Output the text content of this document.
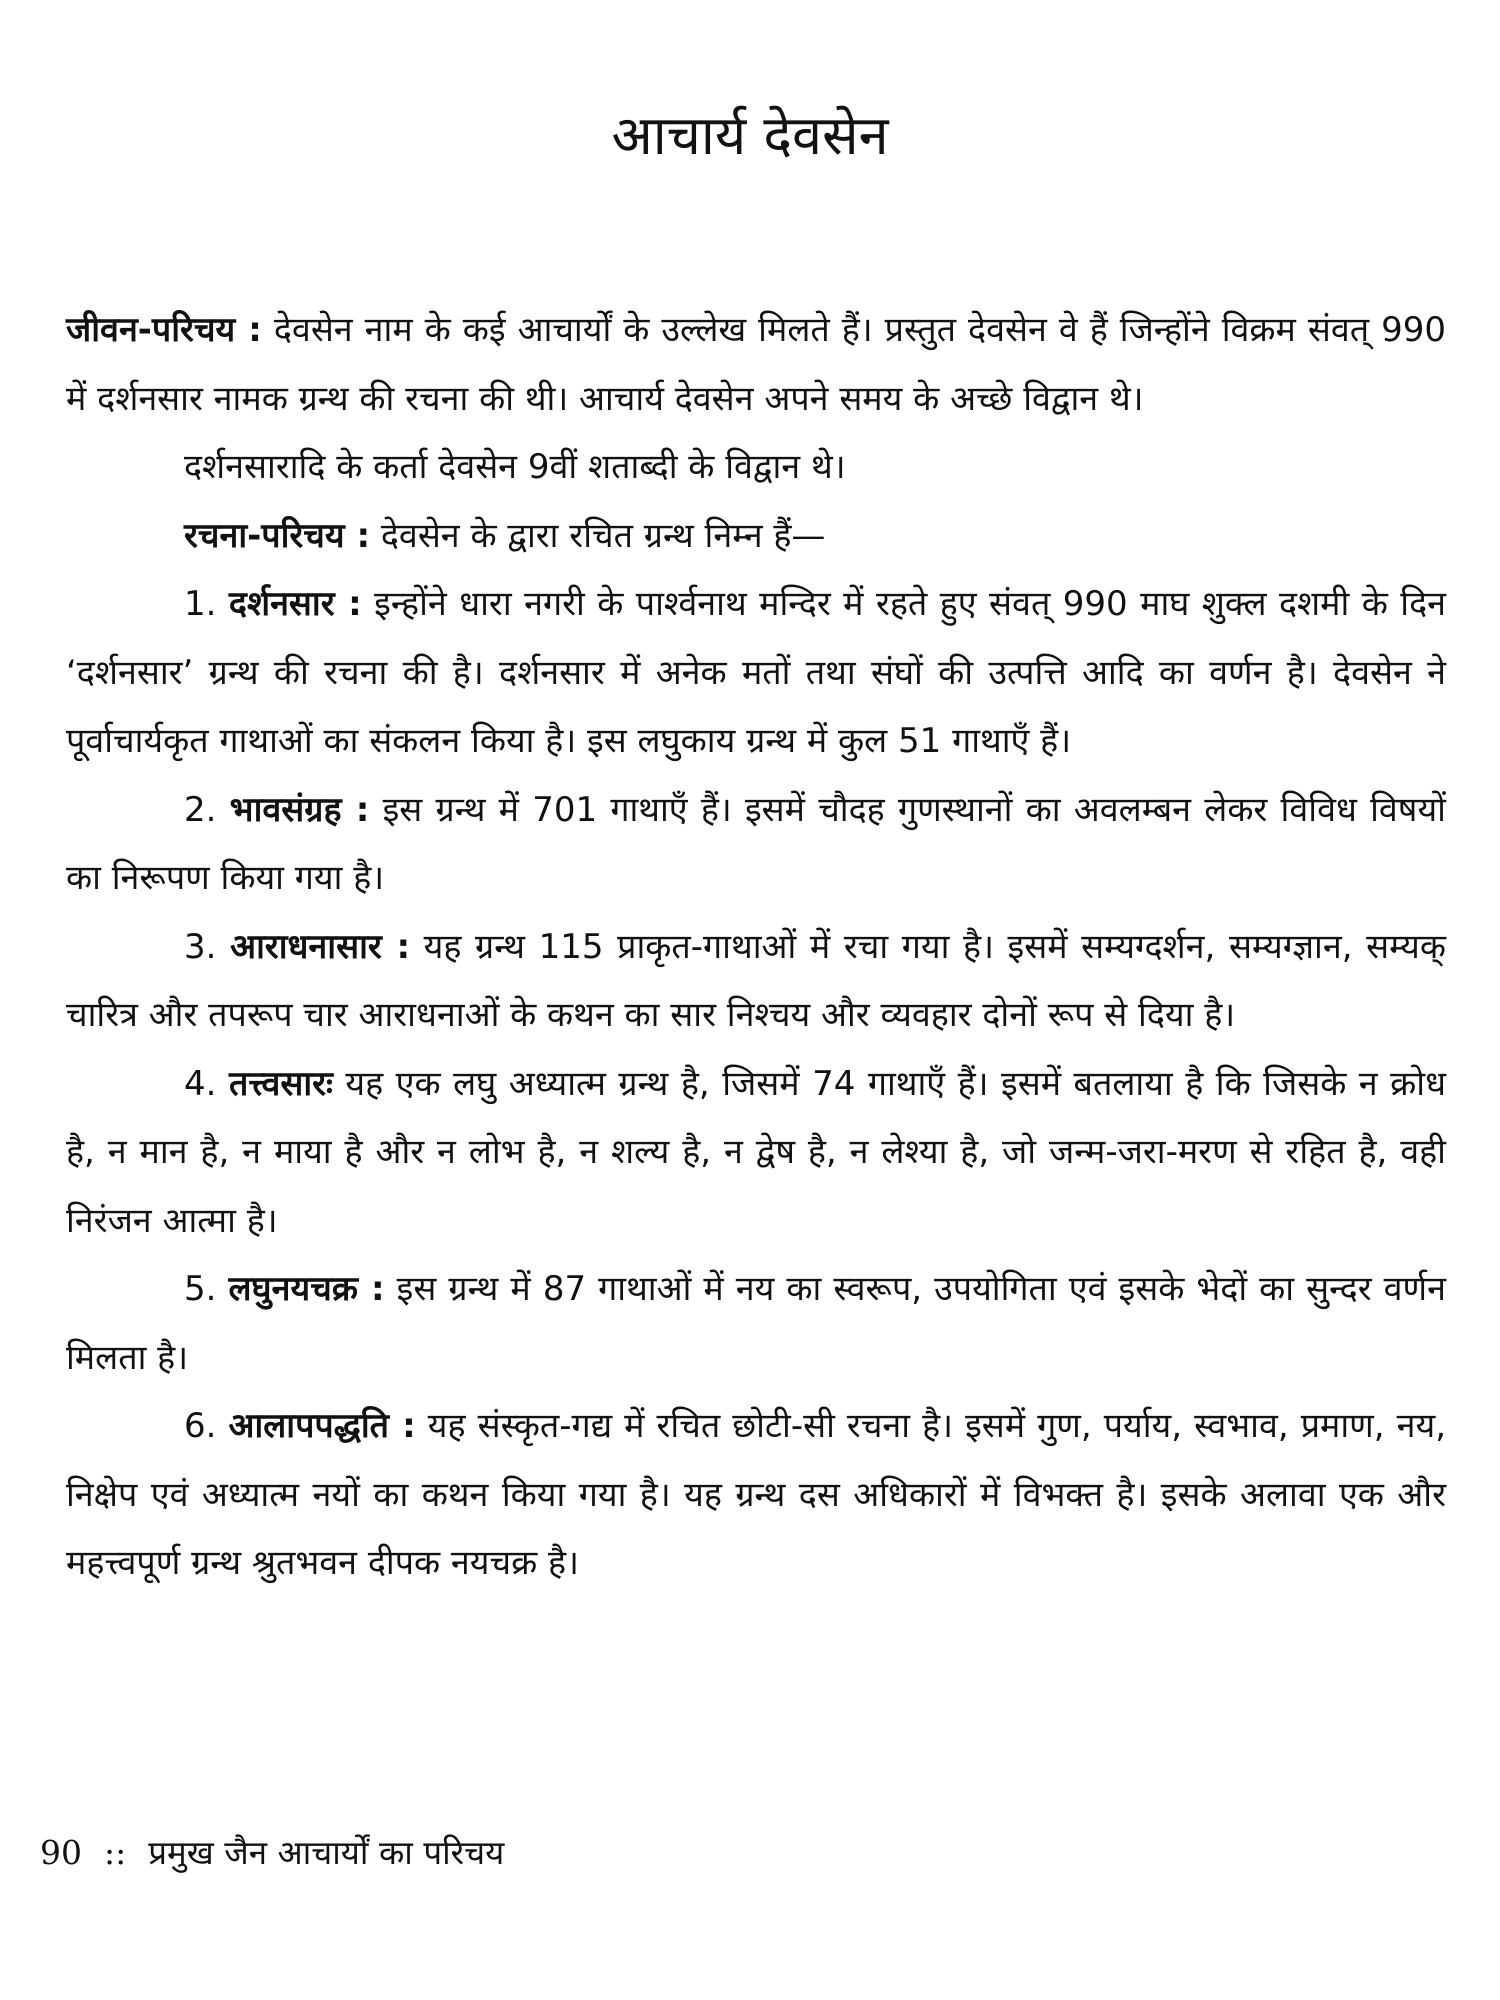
आचार्य देवसेन

जीवन-परिचय : देवसेन नाम के कई आचार्यों के उल्लेख मिलते हैं। प्रस्तुत देवसेन वे हैं जिन्होंने विक्रम संवत् 990 में दर्शनसार नामक ग्रन्थ की रचना की थी। आचार्य देवसेन अपने समय के अच्छे विद्वान थे।

दर्शनसारादि के कर्ता देवसेन 9वीं शताब्दी के विद्वान थे।

रचना-परिचय : देवसेन के द्वारा रचित ग्रन्थ निम्न हैं—

1. दर्शनसार : इन्होंने धारा नगरी के पार्श्वनाथ मन्दिर में रहते हुए संवत् 990 माघ शुक्ल दशमी के दिन ‘दर्शनसार’ ग्रन्थ की रचना की है। दर्शनसार में अनेक मतों तथा संघों की उत्पत्ति आदि का वर्णन है। देवसेन ने पूर्वाचार्यकृत गाथाओं का संकलन किया है। इस लघुकाय ग्रन्थ में कुल 51 गाथाएँ हैं।

2. भावसंग्रह : इस ग्रन्थ में 701 गाथाएँ हैं। इसमें चौदह गुणस्थानों का अवलम्बन लेकर विविध विषयों का निरूपण किया गया है।

3. आराधनासार : यह ग्रन्थ 115 प्राकृत-गाथाओं में रचा गया है। इसमें सम्यग्दर्शन, सम्यग्ज्ञान, सम्यक् चारित्र और तपरूप चार आराधनाओं के कथन का सार निश्चय और व्यवहार दोनों रूप से दिया है।

4. तत्त्वसारः यह एक लघु अध्यात्म ग्रन्थ है, जिसमें 74 गाथाएँ हैं। इसमें बतलाया है कि जिसके न क्रोध है, न मान है, न माया है और न लोभ है, न शल्य है, न द्वेष है, न लेश्या है, जो जन्म-जरा-मरण से रहित है, वही निरंजन आत्मा है।

5. लघुनयचक्र : इस ग्रन्थ में 87 गाथाओं में नय का स्वरूप, उपयोगिता एवं इसके भेदों का सुन्दर वर्णन मिलता है।

6. आलापपद्धति : यह संस्कृत-गद्य में रचित छोटी-सी रचना है। इसमें गुण, पर्याय, स्वभाव, प्रमाण, नय, निक्षेप एवं अध्यात्म नयों का कथन किया गया है। यह ग्रन्थ दस अधिकारों में विभक्त है। इसके अलावा एक और महत्त्वपूर्ण ग्रन्थ श्रुतभवन दीपक नयचक्र है।

90 :: प्रमुख जैन आचार्यों का परिचय
